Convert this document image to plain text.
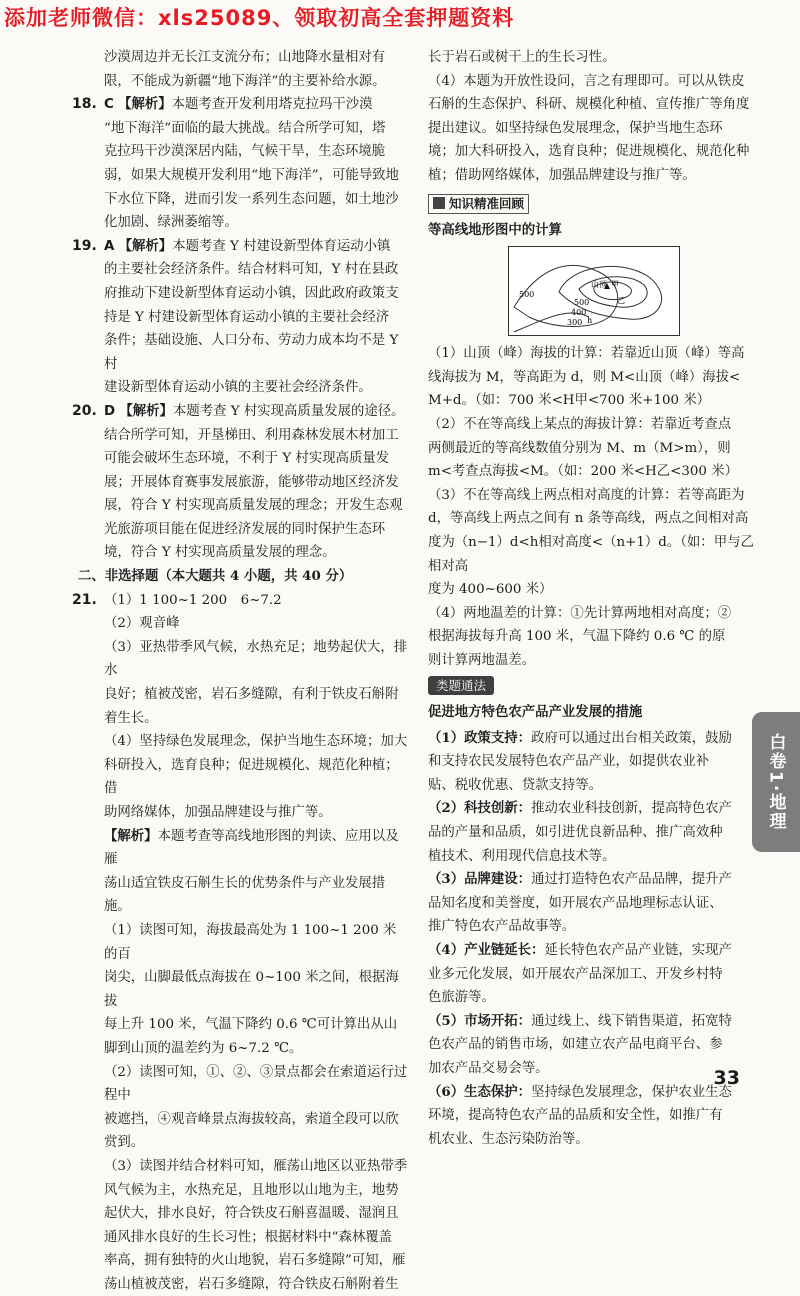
添加老师微信：xls25089、领取初高全套押题资料

沙漠周边并无长江支流分布；山地降水量相对有

限，不能成为新疆“地下海洋”的主要补给水源。

18. C 【解析】本题考查开发利用塔克拉玛干沙漠
“地下海洋”面临的最大挑战。结合所学可知，塔
克拉玛干沙漠深居内陆，气候干旱，生态环境脆
弱，如果大规模开发利用“地下海洋”，可能导致地
下水位下降，进而引发一系列生态问题，如土地沙
化加剧、绿洲萎缩等。
19. A 【解析】本题考查 Y 村建设新型体育运动小镇
的主要社会经济条件。结合材料可知，Y 村在县政
府推动下建设新型体育运动小镇，因此政府政策支
持是 Y 村建设新型体育运动小镇的主要社会经济
条件；基础设施、人口分布、劳动力成本均不是 Y 村
建设新型体育运动小镇的主要社会经济条件。
20. D 【解析】本题考查 Y 村实现高质量发展的途径。
结合所学可知，开垦梯田、利用森林发展木材加工
可能会破坏生态环境，不利于 Y 村实现高质量发
展；开展体育赛事发展旅游，能够带动地区经济发
展，符合 Y 村实现高质量发展的理念；开发生态观
光旅游项目能在促进经济发展的同时保护生态环
境，符合 Y 村实现高质量发展的理念。

二、非选择题（本大题共 4 小题，共 40 分）

21. （1）1 100~1 200　6~7.2
（2）观音峰
（3）亚热带季风气候，水热充足；地势起伏大，排水
良好；植被茂密，岩石多缝隙，有利于铁皮石斛附
着生长。
（4）坚持绿色发展理念，保护当地生态环境；加大
科研投入，选育良种；促进规模化、规范化种植；借
助网络媒体，加强品牌建设与推广等。
【解析】本题考查等高线地形图的判读、应用以及雁
荡山适宜铁皮石斛生长的优势条件与产业发展措施。
（1）读图可知，海拔最高处为 1 100~1 200 米的百
岗尖，山脚最低点海拔在 0~100 米之间，根据海拔
每上升 100 米，气温下降约 0.6 ℃可计算出从山
脚到山顶的温差约为 6~7.2 ℃。
（2）读图可知，①、②、③景点都会在索道运行过程中
被遮挡，④观音峰景点海拔较高，索道全段可以欣
赏到。
（3）读图并结合材料可知，雁荡山地区以亚热带季
风气候为主，水热充足，且地形以山地为主，地势
起伏大，排水良好，符合铁皮石斛喜温暖、湿润且
通风排水良好的生长习性；根据材料中“森林覆盖
率高，拥有独特的火山地貌，岩石多缝隙”可知，雁
荡山植被茂密，岩石多缝隙，符合铁皮石斛附着生
长于岩石或树干上的生长习性。
（4）本题为开放性设问，言之有理即可。可以从铁皮
石斛的生态保护、科研、规模化种植、宣传推广等角度
提出建议。如坚持绿色发展理念，保护当地生态环
境；加大科研投入，选育良种；促进规模化、规范化种
植；借助网络媒体，加强品牌建设与推广等。
知识精准回顾
等高线地形图中的计算
山顶 甲
乙
500
500
400
300 h
（1）山顶（峰）海拔的计算：若靠近山顶（峰）等高
线海拔为 M，等高距为 d，则 M<山顶（峰）海拔<
M+d。（如：700 米<H甲<700 米+100 米）
（2）不在等高线上某点的海拔计算：若靠近考查点
两侧最近的等高线数值分别为 M、m（M>m），则
m<考查点海拔<M。（如：200 米<H乙<300 米）
（3）不在等高线上两点相对高度的计算：若等高距为
d，等高线上两点之间有 n 条等高线，两点之间相对高
度为（n−1）d<h相对高度<（n+1）d。（如：甲与乙相对高
度为 400~600 米）
（4）两地温差的计算：①先计算两地相对高度；②
根据海拔每升高 100 米，气温下降约 0.6 ℃ 的原
则计算两地温差。
类题通法
促进地方特色农产品产业发展的措施
（1）政策支持：政府可以通过出台相关政策，鼓励
和支持农民发展特色农产品产业，如提供农业补
贴、税收优惠、贷款支持等。
（2）科技创新：推动农业科技创新，提高特色农产
品的产量和品质，如引进优良新品种、推广高效种
植技术、利用现代信息技术等。
（3）品牌建设：通过打造特色农产品品牌，提升产
品知名度和美誉度，如开展农产品地理标志认证、
推广特色农产品故事等。
（4）产业链延长：延长特色农产品产业链，实现产
业多元化发展，如开展农产品深加工、开发乡村特
色旅游等。
（5）市场开拓：通过线上、线下销售渠道，拓宽特
色农产品的销售市场，如建立农产品电商平台、参
加农产品交易会等。
（6）生态保护：坚持绿色发展理念，保护农业生态
环境，提高特色农产品的品质和安全性，如推广有
机农业、生态污染防治等。
白卷1·地理
33
